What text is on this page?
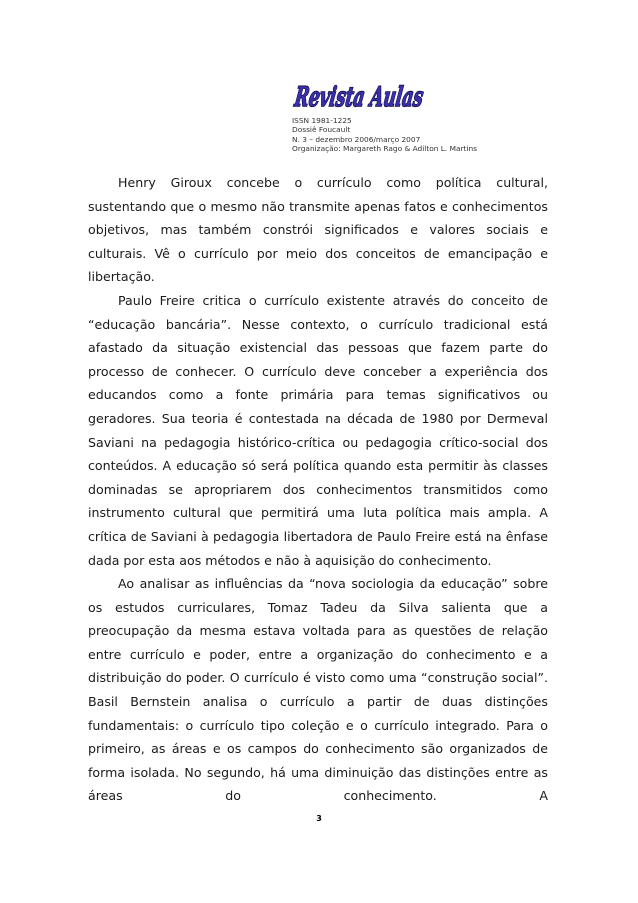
Revista Aulas
ISSN 1981-1225
Dossiê Foucault
N. 3 – dezembro 2006/março 2007
Organização: Margareth Rago & Adilton L. Martins

Henry Giroux concebe o currículo como política cultural, sustentando que o mesmo não transmite apenas fatos e conhecimentos objetivos, mas também constrói significados e valores sociais e culturais. Vê o currículo por meio dos conceitos de emancipação e libertação.

Paulo Freire critica o currículo existente através do conceito de “educação bancária”. Nesse contexto, o currículo tradicional está afastado da situação existencial das pessoas que fazem parte do processo de conhecer. O currículo deve conceber a experiência dos educandos como a fonte primária para temas significativos ou geradores. Sua teoria é contestada na década de 1980 por Dermeval Saviani na pedagogia histórico-crítica ou pedagogia crítico-social dos conteúdos. A educação só será política quando esta permitir às classes dominadas se apropriarem dos conhecimentos transmitidos como instrumento cultural que permitirá uma luta política mais ampla. A crítica de Saviani à pedagogia libertadora de Paulo Freire está na ênfase dada por esta aos métodos e não à aquisição do conhecimento.

Ao analisar as influências da “nova sociologia da educação” sobre os estudos curriculares, Tomaz Tadeu da Silva salienta que a preocupação da mesma estava voltada para as questões de relação entre currículo e poder, entre a organização do conhecimento e a distribuição do poder. O currículo é visto como uma “construção social”. Basil Bernstein analisa o currículo a partir de duas distinções fundamentais: o currículo tipo coleção e o currículo integrado. Para o primeiro, as áreas e os campos do conhecimento são organizados de forma isolada. No segundo, há uma diminuição das distinções entre as áreas do conhecimento. A

3
